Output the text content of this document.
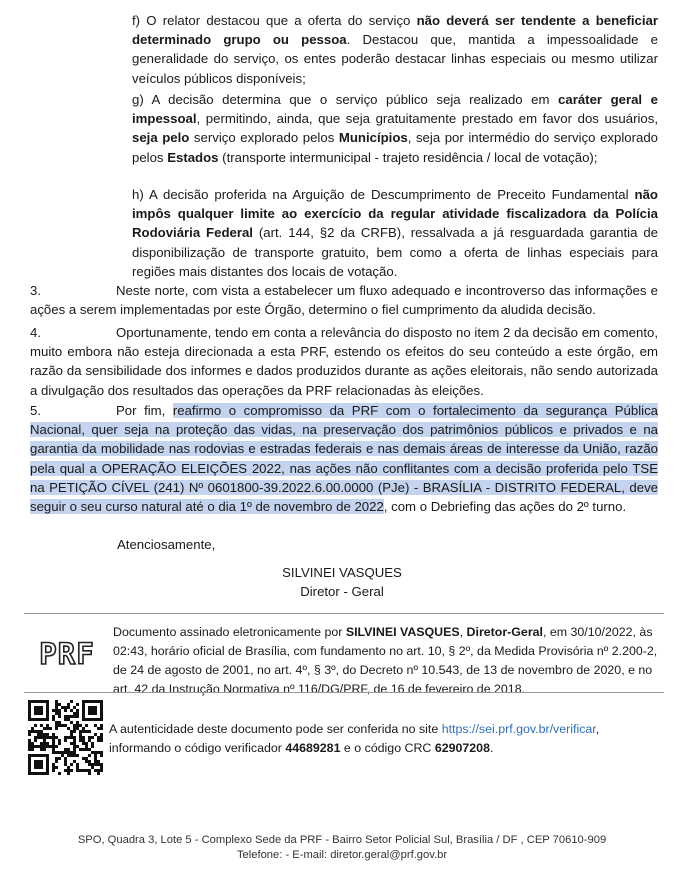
f) O relator destacou que a oferta do serviço não deverá ser tendente a beneficiar determinado grupo ou pessoa. Destacou que, mantida a impessoalidade e generalidade do serviço, os entes poderão destacar linhas especiais ou mesmo utilizar veículos públicos disponíveis;

g) A decisão determina que o serviço público seja realizado em caráter geral e impessoal, permitindo, ainda, que seja gratuitamente prestado em favor dos usuários, seja pelo serviço explorado pelos Municípios, seja por intermédio do serviço explorado pelos Estados (transporte intermunicipal - trajeto residência / local de votação);

h) A decisão proferida na Arguição de Descumprimento de Preceito Fundamental não impôs qualquer limite ao exercício da regular atividade fiscalizadora da Polícia Rodoviária Federal (art. 144, §2 da CRFB), ressalvada a já resguardada garantia de disponibilização de transporte gratuito, bem como a oferta de linhas especiais para regiões mais distantes dos locais de votação.

3.	Neste norte, com vista a estabelecer um fluxo adequado e incontroverso das informações e ações a serem implementadas por este Órgão, determino o fiel cumprimento da aludida decisão.

4.	Oportunamente, tendo em conta a relevância do disposto no item 2 da decisão em comento, muito embora não esteja direcionada a esta PRF, estendo os efeitos do seu conteúdo a este órgão, em razão da sensibilidade dos informes e dados produzidos durante as ações eleitorais, não sendo autorizada a divulgação dos resultados das operações da PRF relacionadas às eleições.

5.	Por fim, reafirmo o compromisso da PRF com o fortalecimento da segurança Pública Nacional, quer seja na proteção das vidas, na preservação dos patrimônios públicos e privados e na garantia da mobilidade nas rodovias e estradas federais e nas demais áreas de interesse da União, razão pela qual a OPERAÇÃO ELEIÇÕES 2022, nas ações não conflitantes com a decisão proferida pelo TSE na PETIÇÃO CÍVEL (241) Nº 0601800-39.2022.6.00.0000 (PJe) - BRASÍLIA - DISTRITO FEDERAL, deve seguir o seu curso natural até o dia 1º de novembro de 2022, com o Debriefing das ações do 2º turno.

Atenciosamente,
SILVINEI VASQUES
Diretor - Geral
PRF
Documento assinado eletronicamente por SILVINEI VASQUES, Diretor-Geral, em 30/10/2022, às 02:43, horário oficial de Brasília, com fundamento no art. 10, § 2º, da Medida Provisória nº 2.200-2, de 24 de agosto de 2001, no art. 4º, § 3º, do Decreto nº 10.543, de 13 de novembro de 2020, e no art. 42 da Instrução Normativa nº 116/DG/PRF, de 16 de fevereiro de 2018.
A autenticidade deste documento pode ser conferida no site https://sei.prf.gov.br/verificar, informando o código verificador 44689281 e o código CRC 62907208.
SPO, Quadra 3, Lote 5 - Complexo Sede da PRF - Bairro Setor Policial Sul, Brasília / DF , CEP 70610-909
Telefone: - E-mail: diretor.geral@prf.gov.br
